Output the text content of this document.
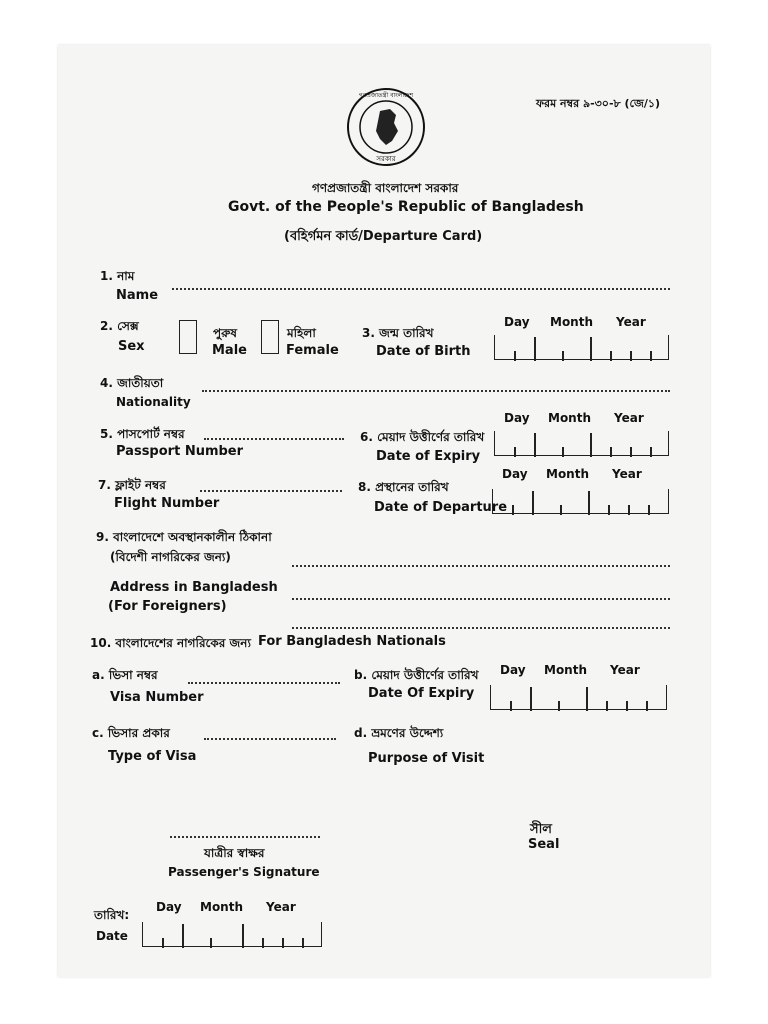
ফরম নম্বর ৯-৩০-৮ (জে/১)
গণপ্রজাতন্ত্রী বাংলাদেশ
সরকার
গণপ্রজাতন্ত্রী বাংলাদেশ সরকার
Govt. of the People's Republic of Bangladesh
(বহির্গমন কার্ড/Departure Card)
1. নাম
Name
2. সেক্স
Sex
পুরুষ
Male
মহিলা
Female
3. জন্ম তারিখ
Date of Birth
Day Month Year
4. জাতীয়তা
Nationality
5. পাসপোর্ট নম্বর
Passport Number
6. মেয়াদ উত্তীর্ণের তারিখ
Date of Expiry
Day Month Year
7. ফ্লাইট নম্বর
Flight Number
8. প্রস্থানের তারিখ
Date of Departure
Day Month Year
9. বাংলাদেশে অবস্থানকালীন ঠিকানা
(বিদেশী নাগরিকের জন্য)
Address in Bangladesh
(For Foreigners)
10. বাংলাদেশের নাগরিকের জন্য For Bangladesh Nationals
a. ভিসা নম্বর
Visa Number
b. মেয়াদ উত্তীর্ণের তারিখ
Date Of Expiry
Day Month Year
c. ভিসার প্রকার
Type of Visa
d. ভ্রমণের উদ্দেশ্য
Purpose of Visit
যাত্রীর স্বাক্ষর
Passenger's Signature
সীল
Seal
তারিখ:
Date
Day Month Year
